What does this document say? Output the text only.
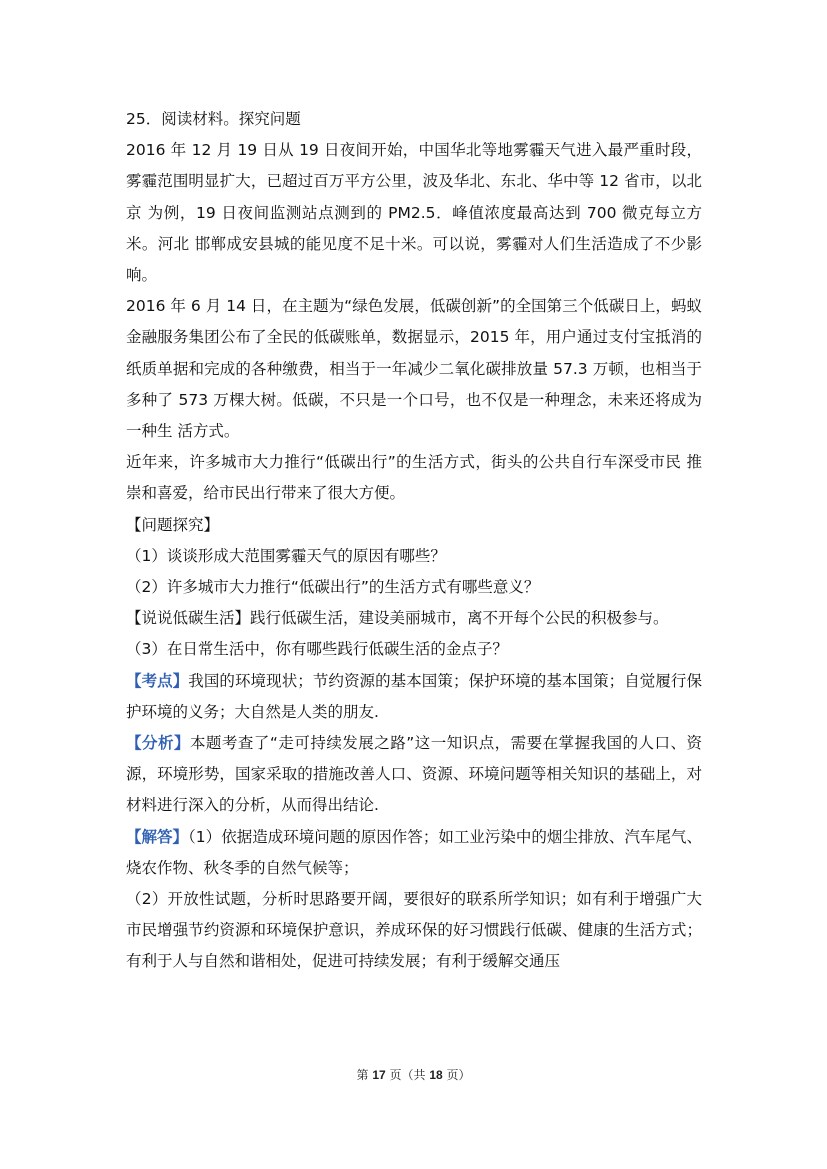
25．阅读材料。探究问题

2016 年 12 月 19 日从 19 日夜间开始，中国华北等地雾霾天气进入最严重时段， 雾霾范围明显扩大，已超过百万平方公里，波及华北、东北、华中等 12 省市，以北京 为例，19 日夜间监测站点测到的 PM2.5．峰值浓度最高达到 700 微克每立方米。河北 邯郸成安县城的能见度不足十米。可以说，雾霾对人们生活造成了不少影响。

2016 年 6 月 14 日，在主题为“绿色发展，低碳创新”的全国第三个低碳日上，蚂蚁金融服务集团公布了全民的低碳账单，数据显示，2015 年，用户通过支付宝抵消的纸质单据和完成的各种缴费，相当于一年减少二氧化碳排放量 57.3 万顿，也相当于多种了 573 万棵大树。低碳，不只是一个口号，也不仅是一种理念，未来还将成为一种生 活方式。

近年来，许多城市大力推行“低碳出行”的生活方式，街头的公共自行车深受市民 推崇和喜爱，给市民出行带来了很大方便。

【问题探究】

（1）谈谈形成大范围雾霾天气的原因有哪些？

（2）许多城市大力推行“低碳出行”的生活方式有哪些意义？

【说说低碳生活】践行低碳生活，建设美丽城市，离不开每个公民的积极参与。

（3）在日常生活中，你有哪些践行低碳生活的金点子？

【考点】我国的环境现状；节约资源的基本国策；保护环境的基本国策；自觉履行保护环境的义务；大自然是人类的朋友.

【分析】本题考查了“走可持续发展之路”这一知识点，需要在掌握我国的人口、资源，环境形势，国家采取的措施改善人口、资源、环境问题等相关知识的基础上，对材料进行深入的分析，从而得出结论.

【解答】（1）依据造成环境问题的原因作答；如工业污染中的烟尘排放、汽车尾气、烧农作物、秋冬季的自然气候等；

（2）开放性试题，分析时思路要开阔，要很好的联系所学知识；如有利于增强广大市民增强节约资源和环境保护意识，养成环保的好习惯践行低碳、健康的生活方式；有利于人与自然和谐相处，促进可持续发展；有利于缓解交通压

第 17 页（共 18 页）
